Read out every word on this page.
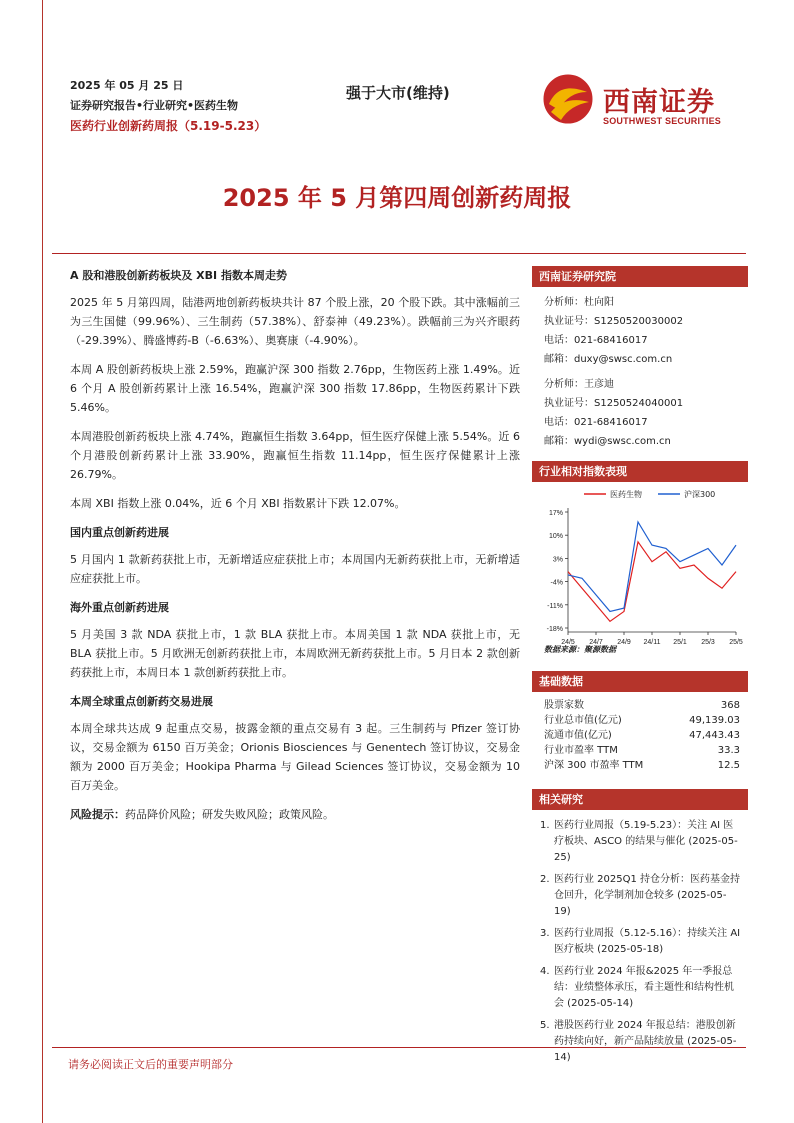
2025 年 05 月 25 日
证券研究报告•行业研究•医药生物
医药行业创新药周报（5.19-5.23）
强于大市(维持)	西南证券
SOUTHWEST SECURITIES
2025 年 5 月第四周创新药周报
A 股和港股创新药板块及 XBI 指数本周走势

2025 年 5 月第四周，陆港两地创新药板块共计 87 个股上涨，20 个股下跌。其中涨幅前三为三生国健（99.96%）、三生制药（57.38%）、舒泰神（49.23%）。跌幅前三为兴齐眼药（-29.39%）、腾盛博药-B（-6.63%）、奥赛康（-4.90%）。

本周 A 股创新药板块上涨 2.59%，跑赢沪深 300 指数 2.76pp，生物医药上涨 1.49%。近 6 个月 A 股创新药累计上涨 16.54%，跑赢沪深 300 指数 17.86pp，生物医药累计下跌 5.46%。

本周港股创新药板块上涨 4.74%，跑赢恒生指数 3.64pp，恒生医疗保健上涨 5.54%。近 6 个月港股创新药累计上涨 33.90%，跑赢恒生指数 11.14pp，恒生医疗保健累计上涨 26.79%。

本周 XBI 指数上涨 0.04%，近 6 个月 XBI 指数累计下跌 12.07%。

国内重点创新药进展

5 月国内 1 款新药获批上市，无新增适应症获批上市；本周国内无新药获批上市，无新增适应症获批上市。

海外重点创新药进展

5 月美国 3 款 NDA 获批上市，1 款 BLA 获批上市。本周美国 1 款 NDA 获批上市，无 BLA 获批上市。5 月欧洲无创新药获批上市，本周欧洲无新药获批上市。5 月日本 2 款创新药获批上市，本周日本 1 款创新药获批上市。

本周全球重点创新药交易进展

本周全球共达成 9 起重点交易，披露金额的重点交易有 3 起。三生制药与 Pfizer 签订协议，交易金额为 6150 百万美金；Orionis Biosciences 与 Genentech 签订协议，交易金额为 2000 百万美金；Hookipa Pharma 与 Gilead Sciences 签订协议，交易金额为 10 百万美金。

风险提示：药品降价风险；研发失败风险；政策风险。

西南证券研究院
分析师：杜向阳
执业证号：S1250520030002
电话：021-68416017
邮箱：duxy@swsc.com.cn
分析师：王彦迪
执业证号：S1250524040001
电话：021-68416017
邮箱：wydi@swsc.com.cn
行业相对指数表现
17%
10%
3%
-4%
-11%
-18%
24/5 24/7 24/9 24/11 25/1 25/3 25/5
医药生物	沪深300
数据来源：聚源数据
基础数据
股票家数	368
行业总市值(亿元)	49,139.03
流通市值(亿元)	47,443.43
行业市盈率 TTM	33.3
沪深 300 市盈率 TTM	12.5
相关研究
1. 医药行业周报（5.19-5.23）：关注 AI 医疗板块、ASCO 的结果与催化 (2025-05-25)
2. 医药行业 2025Q1 持仓分析：医药基金持仓回升，化学制剂加仓较多 (2025-05-19)
3. 医药行业周报（5.12-5.16）：持续关注 AI 医疗板块 (2025-05-18)
4. 医药行业 2024 年报&2025 年一季报总结：业绩整体承压，看主题性和结构性机会 (2025-05-14)
5. 港股医药行业 2024 年报总结：港股创新药持续向好，新产品陆续放量 (2025-05-14)
请务必阅读正文后的重要声明部分
